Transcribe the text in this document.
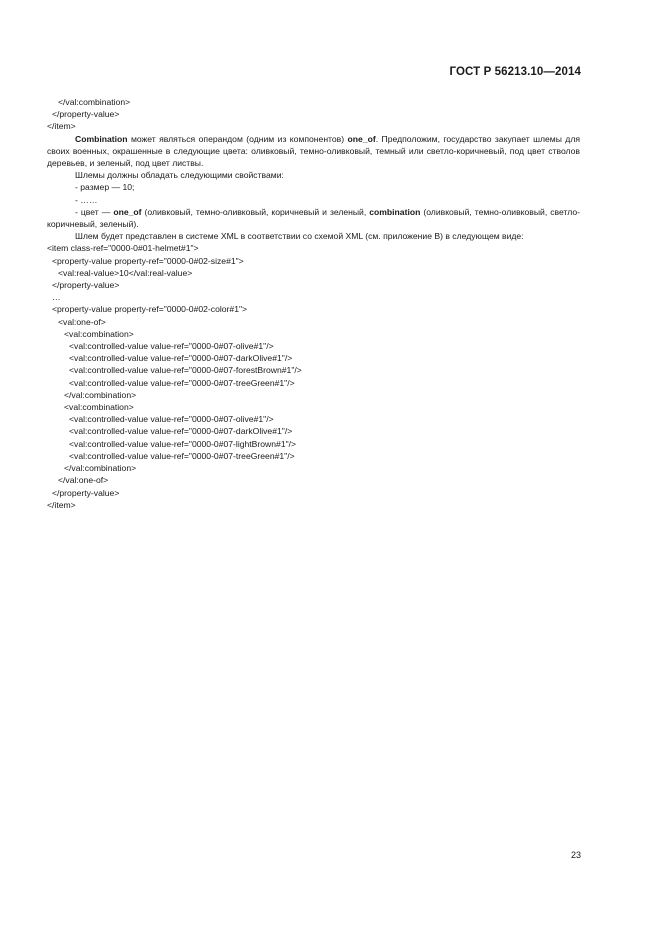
ГОСТ Р 56213.10—2014
</val:combination>
</property-value>
</item>
Combination может являться операндом (одним из компонентов) one_of. Предположим, государство закупает шлемы для своих военных, окрашенные в следующие цвета: оливковый, темно-оливковый, темный или светло-коричневый, под цвет стволов деревьев, и зеленый, под цвет листвы.
Шлемы должны обладать следующими свойствами:
- размер — 10;
- ……
- цвет — one_of (оливковый, темно-оливковый, коричневый и зеленый, combination (оливковый, темно-оливковый, светло-коричневый, зеленый).
Шлем будет представлен в системе XML в соответствии со схемой XML (см. приложение В) в следующем виде:
<item class-ref="0000-0#01-helmet#1">
<property-value property-ref="0000-0#02-size#1">
<val:real-value>10</val:real-value>
</property-value>
…
<property-value property-ref="0000-0#02-color#1">
<val:one-of>
<val:combination>
<val:controlled-value value-ref="0000-0#07-olive#1"/>
<val:controlled-value value-ref="0000-0#07-darkOlive#1"/>
<val:controlled-value value-ref="0000-0#07-forestBrown#1"/>
<val:controlled-value value-ref="0000-0#07-treeGreen#1"/>
</val:combination>
<val:combination>
<val:controlled-value value-ref="0000-0#07-olive#1"/>
<val:controlled-value value-ref="0000-0#07-darkOlive#1"/>
<val:controlled-value value-ref="0000-0#07-lightBrown#1"/>
<val:controlled-value value-ref="0000-0#07-treeGreen#1"/>
</val:combination>
</val:one-of>
</property-value>
</item>
23
